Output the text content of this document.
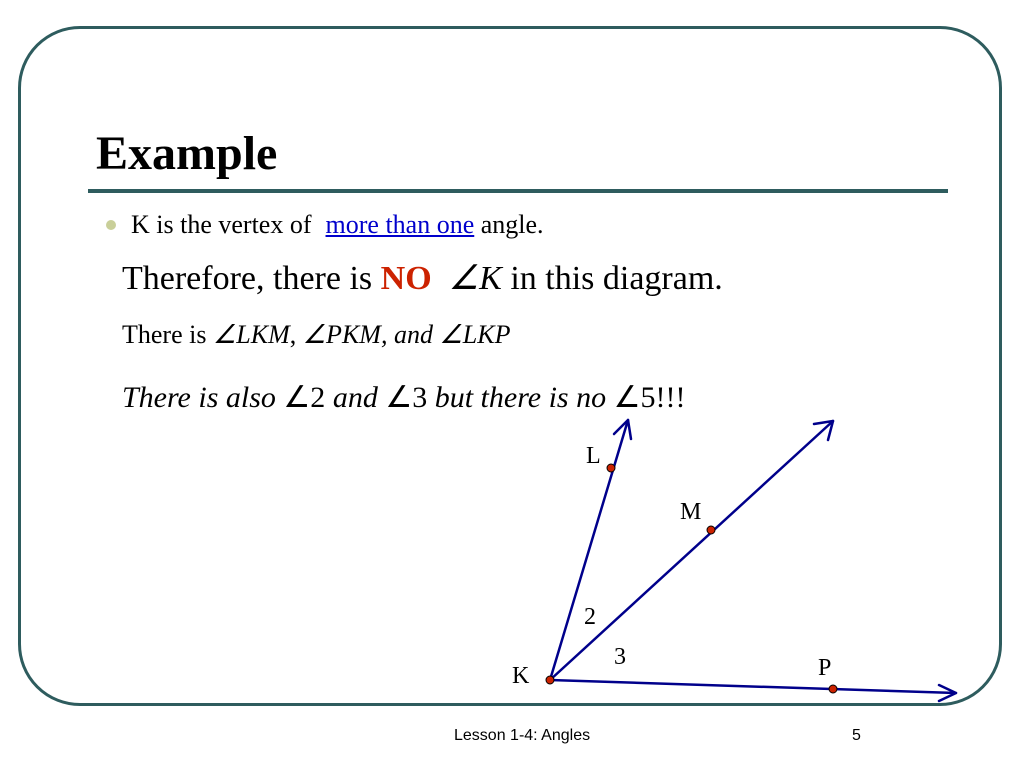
Example
K is the vertex of more than one angle.
Therefore, there is NO ∠K in this diagram.
There is ∠LKM, ∠PKM, and ∠LKP
There is also ∠2 and ∠3 but there is no ∠5!!!
L
M
K	P
2
3
Lesson 1-4: Angles	5
